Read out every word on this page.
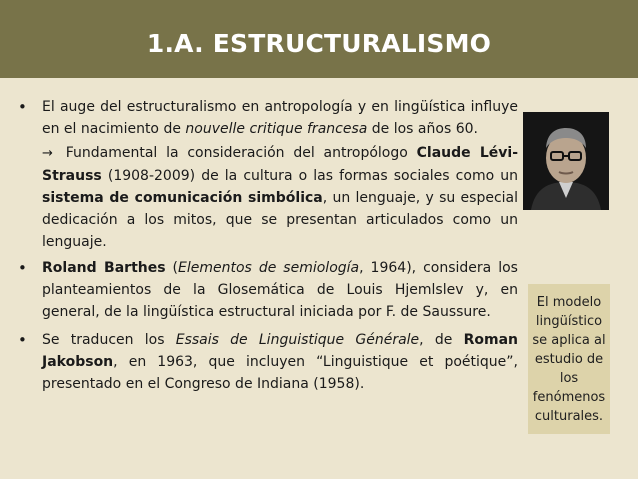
1.A. ESTRUCTURALISMO
•	El auge del estructuralismo en antropología y en lingüística influye en el nacimiento de nouvelle critique francesa de los años 60.
→ Fundamental la consideración del antropólogo Claude Lévi-Strauss (1908-2009) de la cultura o las formas sociales como un sistema de comunicación simbólica, un lenguaje, y su especial dedicación a los mitos, que se presentan articulados como un lenguaje.
•	Roland Barthes (Elementos de semiología, 1964), considera los planteamientos de la Glosemática de Louis Hjemlslev y, en general, de la lingüística estructural iniciada por F. de Saussure.
•	Se traducen los Essais de Linguistique Générale, de Roman Jakobson, en 1963, que incluyen “Linguistique et poétique”, presentado en el Congreso de Indiana (1958).
El modelo lingüístico se aplica al estudio de los fenómenos culturales.
